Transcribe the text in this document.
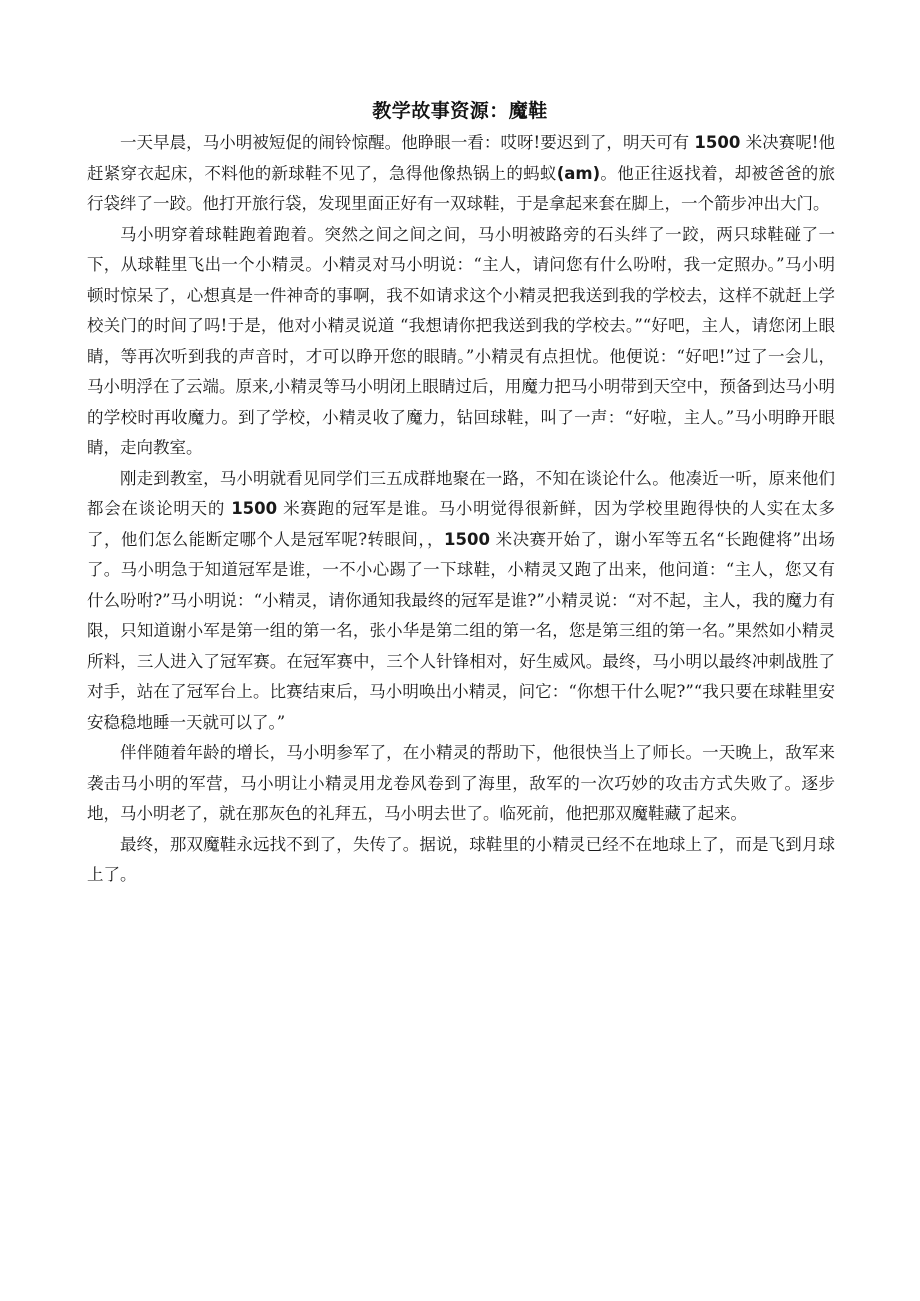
教学故事资源：魔鞋

一天早晨，马小明被短促的闹铃惊醒。他睁眼一看：哎呀!要迟到了，明天可有 1500 米决赛呢!他赶紧穿衣起床，不料他的新球鞋不见了，急得他像热锅上的蚂蚁(am)。他正往返找着，却被爸爸的旅行袋绊了一跤。他打开旅行袋，发现里面正好有一双球鞋，于是拿起来套在脚上，一个箭步冲出大门。

马小明穿着球鞋跑着跑着。突然之间之间之间，马小明被路旁的石头绊了一跤，两只球鞋碰了一下，从球鞋里飞出一个小精灵。小精灵对马小明说：“主人，请问您有什么吩咐，我一定照办。”马小明顿时惊呆了，心想真是一件神奇的事啊，我不如请求这个小精灵把我送到我的学校去，这样不就赶上学校关门的时间了吗!于是，他对小精灵说道 “我想请你把我送到我的学校去。”“好吧，主人，请您闭上眼睛，等再次听到我的声音时，才可以睁开您的眼睛。”小精灵有点担忧。他便说：“好吧!”过了一会儿，马小明浮在了云端。原来,小精灵等马小明闭上眼睛过后，用魔力把马小明带到天空中，预备到达马小明的学校时再收魔力。到了学校，小精灵收了魔力，钻回球鞋，叫了一声：“好啦，主人。”马小明睁开眼睛，走向教室。

刚走到教室，马小明就看见同学们三五成群地聚在一路，不知在谈论什么。他凑近一听，原来他们都会在谈论明天的 1500 米赛跑的冠军是谁。马小明觉得很新鲜，因为学校里跑得快的人实在太多了，他们怎么能断定哪个人是冠军呢?转眼间，，1500 米决赛开始了，谢小军等五名“长跑健将”出场了。马小明急于知道冠军是谁，一不小心踢了一下球鞋，小精灵又跑了出来，他问道：“主人，您又有什么吩咐?”马小明说：“小精灵，请你通知我最终的冠军是谁?”小精灵说：“对不起，主人，我的魔力有限，只知道谢小军是第一组的第一名，张小华是第二组的第一名，您是第三组的第一名。”果然如小精灵所料，三人进入了冠军赛。在冠军赛中，三个人针锋相对，好生威风。最终，马小明以最终冲刺战胜了对手，站在了冠军台上。比赛结束后，马小明唤出小精灵，问它：“你想干什么呢?”“我只要在球鞋里安安稳稳地睡一天就可以了。”

伴伴随着年龄的增长，马小明参军了，在小精灵的帮助下，他很快当上了师长。一天晚上，敌军来袭击马小明的军营，马小明让小精灵用龙卷风卷到了海里，敌军的一次巧妙的攻击方式失败了。逐步地，马小明老了，就在那灰色的礼拜五，马小明去世了。临死前，他把那双魔鞋藏了起来。

最终，那双魔鞋永远找不到了，失传了。据说，球鞋里的小精灵已经不在地球上了，而是飞到月球上了。
